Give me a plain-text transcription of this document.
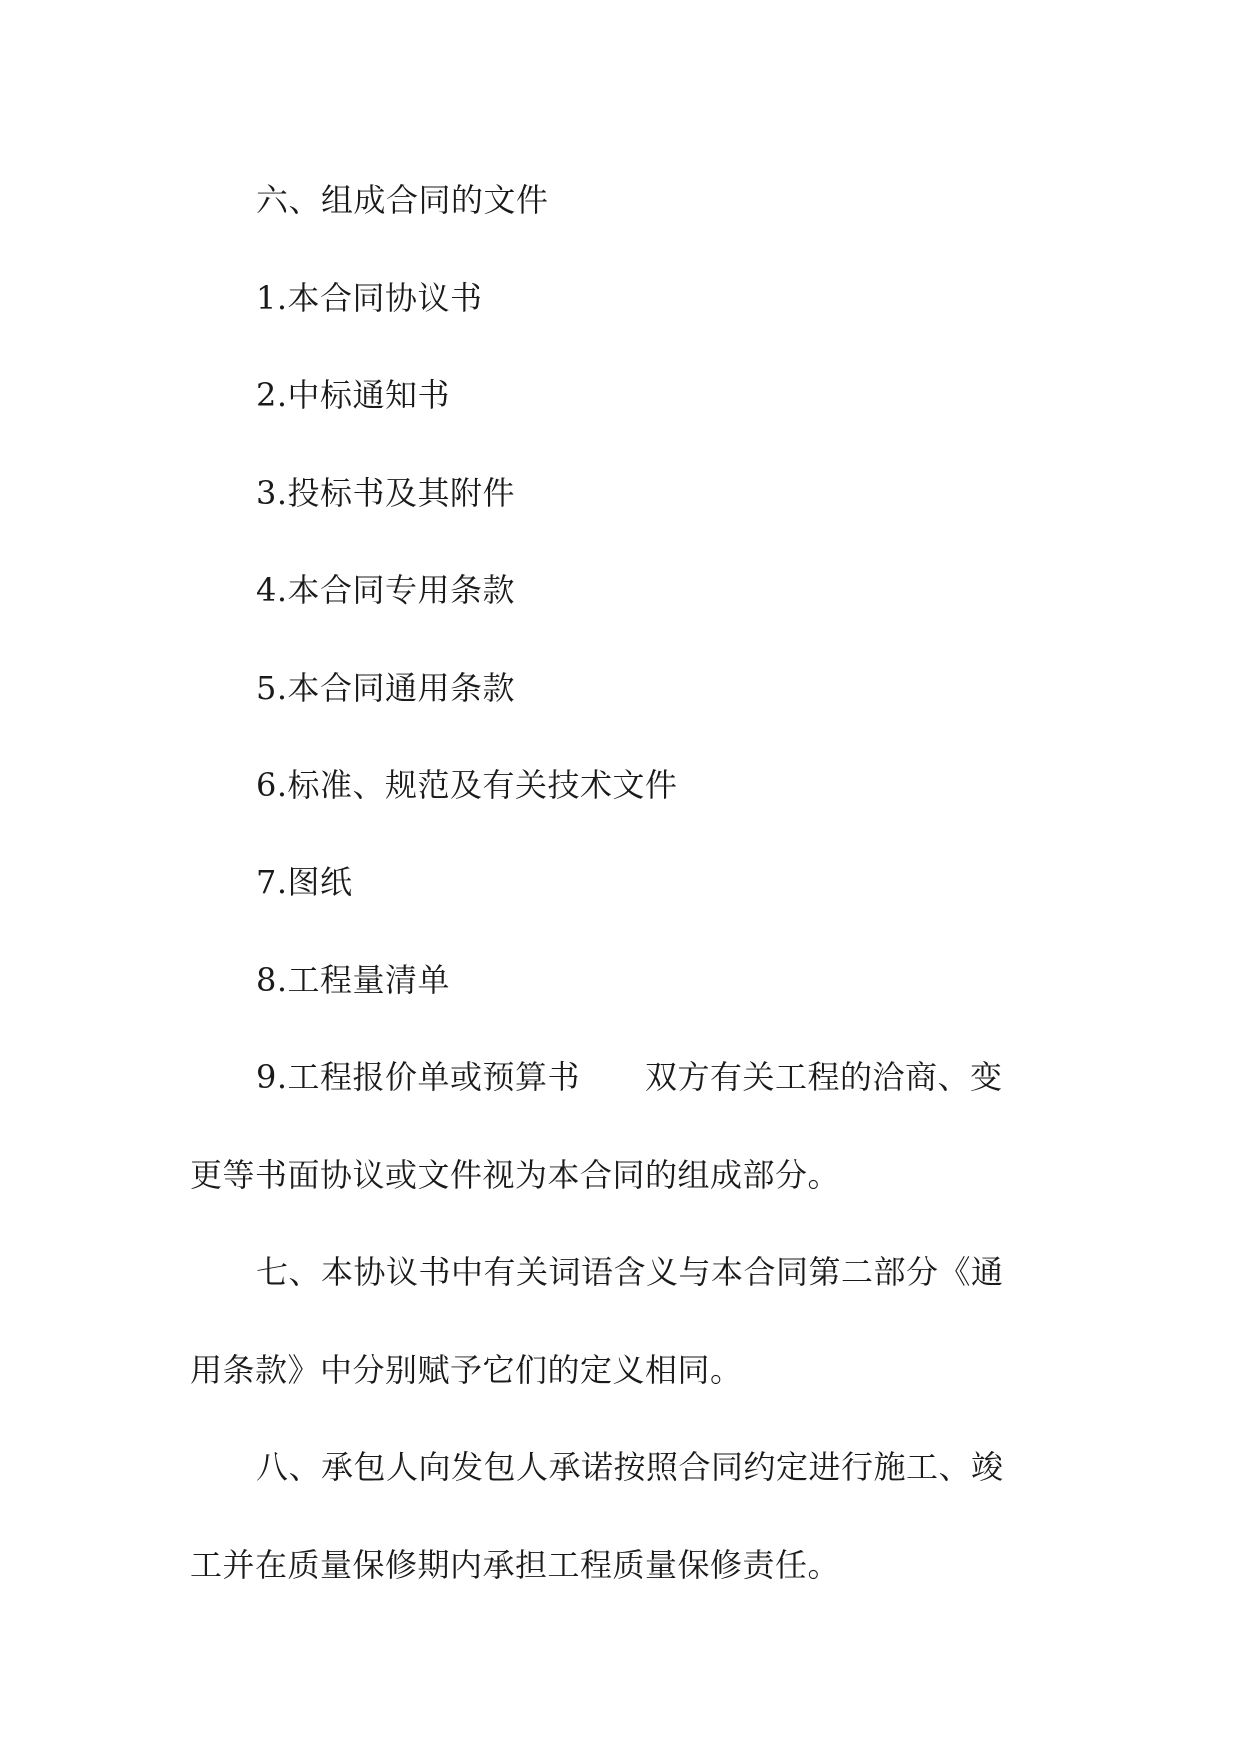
六、组成合同的文件
1.本合同协议书
2.中标通知书
3.投标书及其附件
4.本合同专用条款
5.本合同通用条款
6.标准、规范及有关技术文件
7.图纸
8.工程量清单
9.工程报价单或预算书　　双方有关工程的洽商、变
更等书面协议或文件视为本合同的组成部分。
七、本协议书中有关词语含义与本合同第二部分《通
用条款》中分别赋予它们的定义相同。
八、承包人向发包人承诺按照合同约定进行施工、竣
工并在质量保修期内承担工程质量保修责任。
